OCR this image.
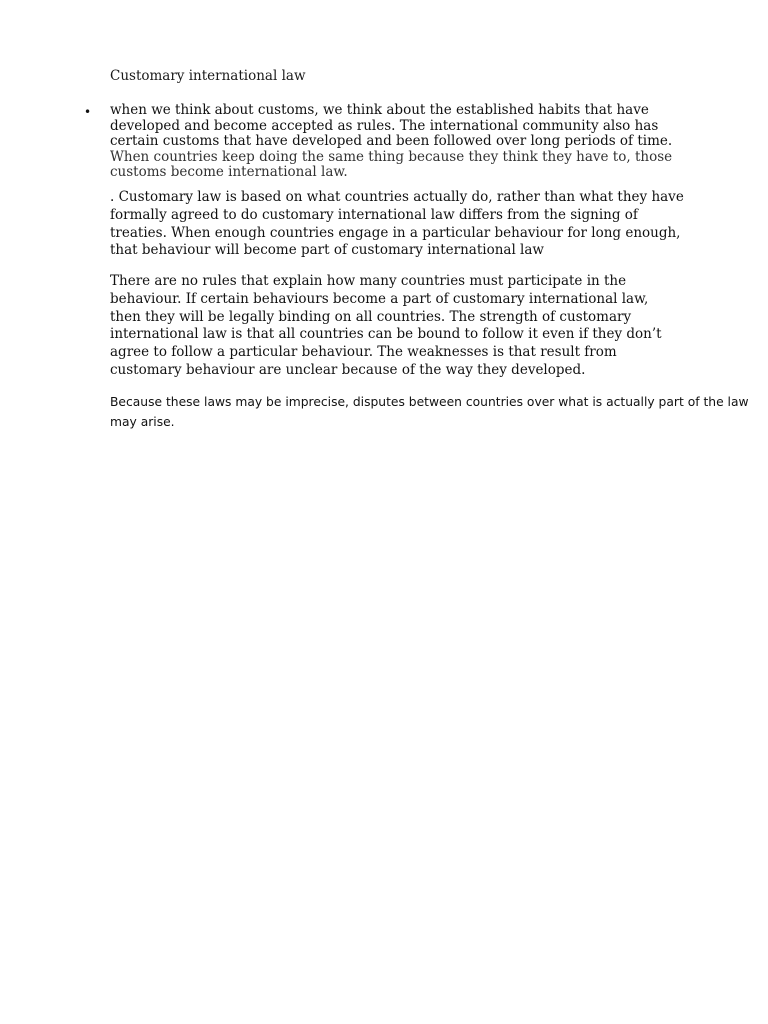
Customary international law
• when we think about customs, we think about the established habits that have
developed and become accepted as rules. The international community also has
certain customs that have developed and been followed over long periods of time.
When countries keep doing the same thing because they think they have to, those
customs become international law.
. Customary law is based on what countries actually do, rather than what they have
formally agreed to do customary international law differs from the signing of
treaties. When enough countries engage in a particular behaviour for long enough,
that behaviour will become part of customary international law
There are no rules that explain how many countries must participate in the
behaviour. If certain behaviours become a part of customary international law,
then they will be legally binding on all countries. The strength of customary
international law is that all countries can be bound to follow it even if they don’t
agree to follow a particular behaviour. The weaknesses is that result from
customary behaviour are unclear because of the way they developed.
Because these laws may be imprecise, disputes between countries over what is actually part of the law
may arise.
